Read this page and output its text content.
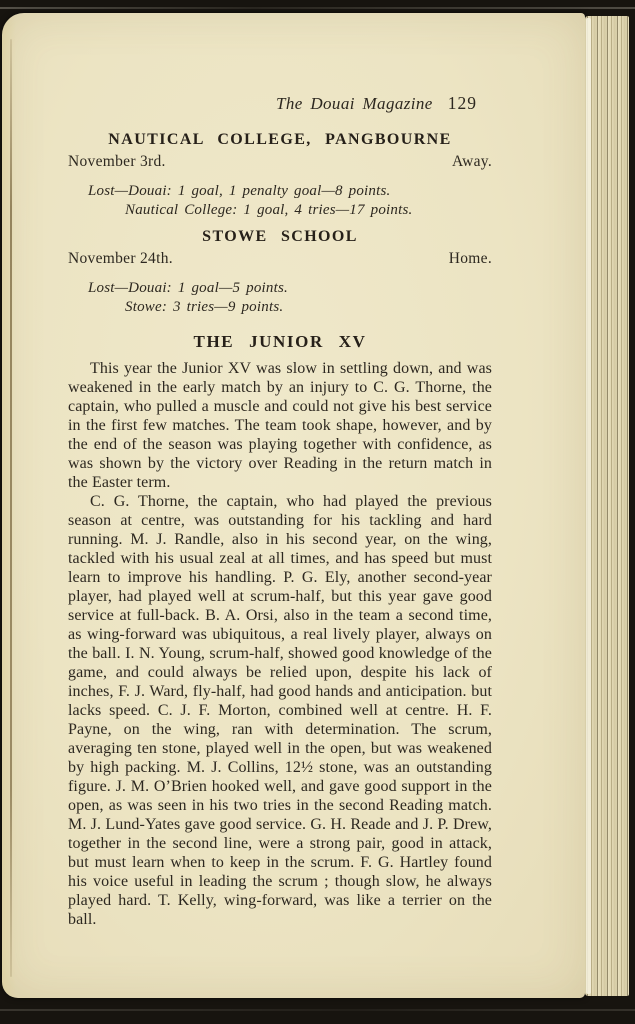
The Douai Magazine 129
NAUTICAL COLLEGE, PANGBOURNE
November 3rd.	Away.
Lost—Douai: 1 goal, 1 penalty goal—8 points.
Nautical College: 1 goal, 4 tries—17 points.
STOWE SCHOOL
November 24th.	Home.
Lost—Douai: 1 goal—5 points.
Stowe: 3 tries—9 points.
THE JUNIOR XV

This year the Junior XV was slow in settling down, and was weakened in the early match by an injury to C. G. Thorne, the captain, who pulled a muscle and could not give his best service in the first few matches. The team took shape, however, and by the end of the season was playing together with confidence, as was shown by the victory over Reading in the return match in the Easter term.

C. G. Thorne, the captain, who had played the previous season at centre, was outstanding for his tackling and hard running. M. J. Randle, also in his second year, on the wing, tackled with his usual zeal at all times, and has speed but must learn to improve his handling. P. G. Ely, another second-year player, had played well at scrum-half, but this year gave good service at full-back. B. A. Orsi, also in the team a second time, as wing-forward was ubiquitous, a real lively player, always on the ball. I. N. Young, scrum-half, showed good knowledge of the game, and could always be relied upon, despite his lack of inches, F. J. Ward, fly-half, had good hands and anticipation. but lacks speed. C. J. F. Morton, combined well at centre. H. F. Payne, on the wing, ran with determination. The scrum, averaging ten stone, played well in the open, but was weakened by high packing. M. J. Collins, 12½ stone, was an outstanding figure. J. M. O’Brien hooked well, and gave good support in the open, as was seen in his two tries in the second Reading match. M. J. Lund-Yates gave good service. G. H. Reade and J. P. Drew, together in the second line, were a strong pair, good in attack, but must learn when to keep in the scrum. F. G. Hartley found his voice useful in leading the scrum ; though slow, he always played hard. T. Kelly, wing-forward, was like a terrier on the ball.
